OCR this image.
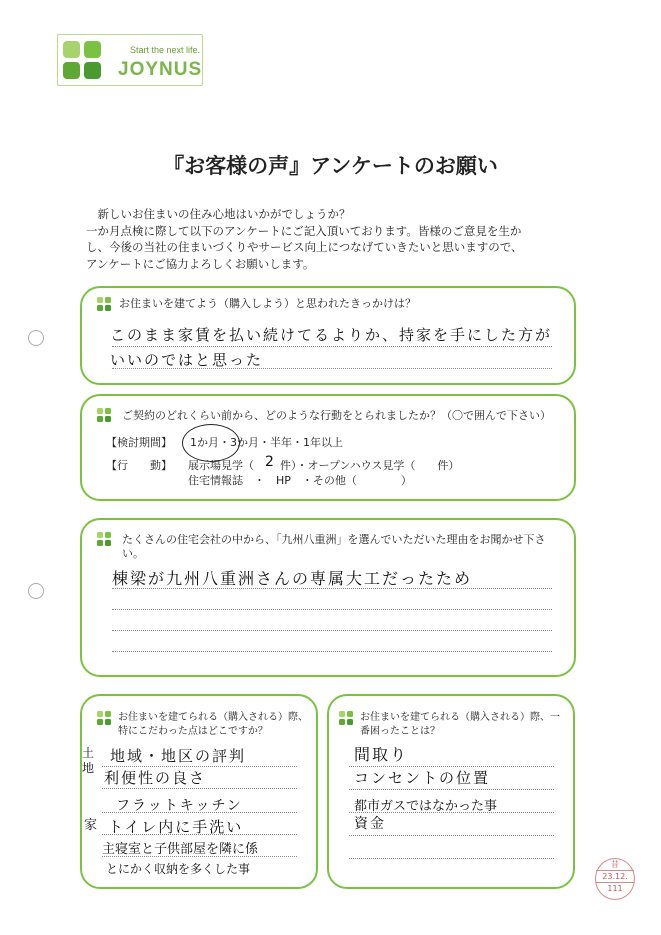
Start the next life.
JOYNUS
『お客様の声』アンケートのお願い
　新しいお住まいの住み心地はいかがでしょうか？
一か月点検に際して以下のアンケートにご記入頂いております。皆様のご意見を生か
し、今後の当社の住まいづくりやサービス向上につなげていきたいと思いますので、
アンケートにご協力よろしくお願いします。

お住まいを建てよう（購入しよう）と思われたきっかけは？

このまま家賃を払い続けてるよりか、持家を手にした方が
いいのではと思った

ご契約のどれくらい前から、どのような行動をとられましたか？（〇で囲んで下さい）

【検討期間】 1か月・3か月・半年・1年以上
【行　　動】 展示場見学（ 2 件）・オープンハウス見学（　　件）
住宅情報誌　・　HP　・その他（　　　　）

たくさんの住宅会社の中から、「九州八重洲」を選んでいただいた理由をお聞かせ下さい。

棟梁が九州八重洲さんの専属大工だったため

お住まいを建てられる（購入される）際、特にこだわった点はどこですか？

土地
家
地域・地区の評判
利便性の良さ
フラットキッチン
トイレ内に手洗い
主寝室と子供部屋を隣に係
とにかく収納を多くした事

お住まいを建てられる（購入される）際、一番困ったことは？

間取り
コンセントの位置
都市ガスではなかった事
資金
昔
23.12.
111
